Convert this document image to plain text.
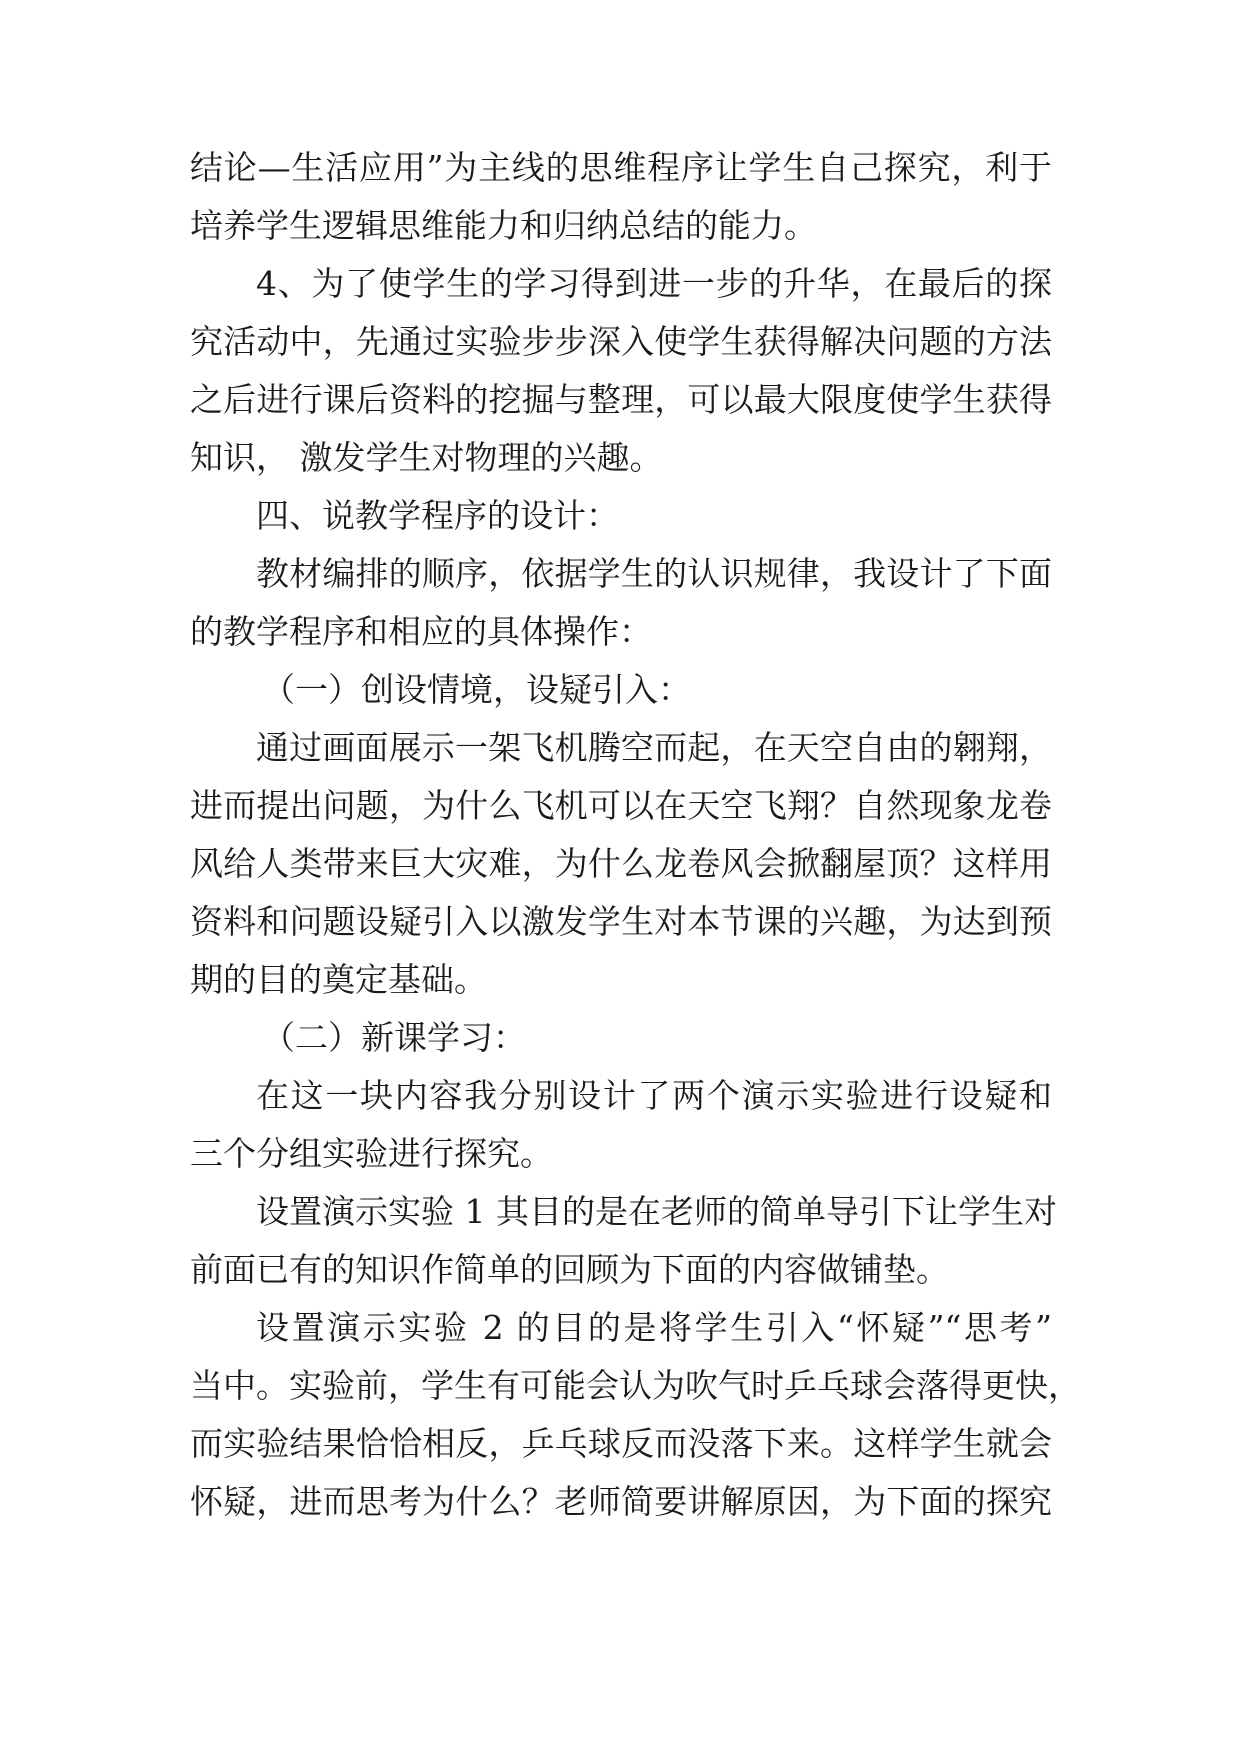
结论—生活应用”为主线的思维程序让学生自己探究，利于
培养学生逻辑思维能力和归纳总结的能力。
4、为了使学生的学习得到进一步的升华，在最后的探
究活动中，先通过实验步步深入使学生获得解决问题的方法
之后进行课后资料的挖掘与整理，可以最大限度使学生获得
知识， 激发学生对物理的兴趣。
四、说教学程序的设计：
教材编排的顺序，依据学生的认识规律，我设计了下面
的教学程序和相应的具体操作：
（一）创设情境，设疑引入：
通过画面展示一架飞机腾空而起，在天空自由的翱翔，
进而提出问题，为什么飞机可以在天空飞翔？自然现象龙卷
风给人类带来巨大灾难，为什么龙卷风会掀翻屋顶？这样用
资料和问题设疑引入以激发学生对本节课的兴趣，为达到预
期的目的奠定基础。
（二）新课学习：
在这一块内容我分别设计了两个演示实验进行设疑和
三个分组实验进行探究。
设置演示实验 1 其目的是在老师的简单导引下让学生对
前面已有的知识作简单的回顾为下面的内容做铺垫。
设置演示实验 2 的目的是将学生引入“怀疑”“思考”
当中。实验前，学生有可能会认为吹气时乒乓球会落得更快，
而实验结果恰恰相反，乒乓球反而没落下来。这样学生就会
怀疑，进而思考为什么？老师简要讲解原因，为下面的探究
